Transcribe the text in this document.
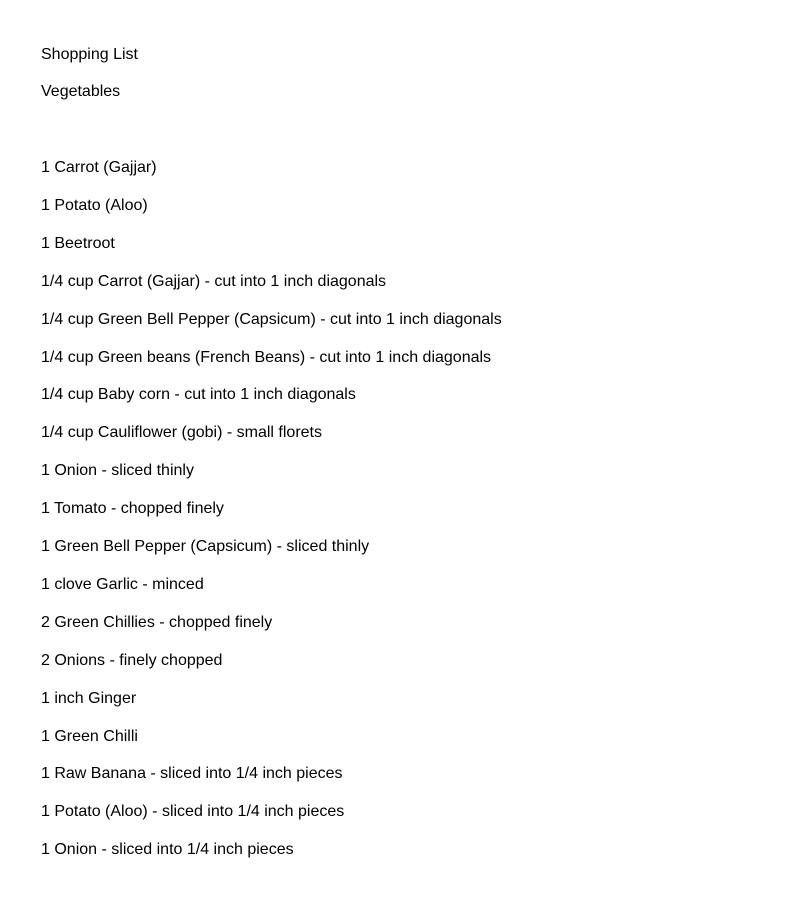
Shopping List
Vegetables
1 Carrot (Gajjar)
1 Potato (Aloo)
1 Beetroot
1/4 cup Carrot (Gajjar) - cut into 1 inch diagonals
1/4 cup Green Bell Pepper (Capsicum) - cut into 1 inch diagonals
1/4 cup Green beans (French Beans) - cut into 1 inch diagonals
1/4 cup Baby corn - cut into 1 inch diagonals
1/4 cup Cauliflower (gobi) - small florets
1 Onion - sliced thinly
1 Tomato - chopped finely
1 Green Bell Pepper (Capsicum) - sliced thinly
1 clove Garlic - minced
2 Green Chillies - chopped finely
2 Onions - finely chopped
1 inch Ginger
1 Green Chilli
1 Raw Banana - sliced into 1/4 inch pieces
1 Potato (Aloo) - sliced into 1/4 inch pieces
1 Onion - sliced into 1/4 inch pieces
